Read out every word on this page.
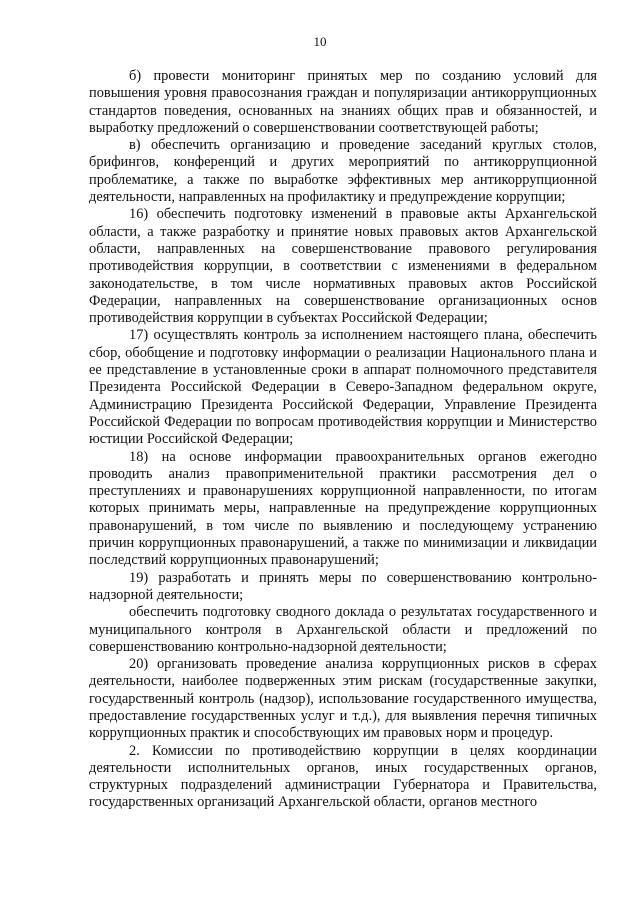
10

б) провести мониторинг принятых мер по созданию условий для повышения уровня правосознания граждан и популяризации антикоррупционных стандартов поведения, основанных на знаниях общих прав и обязанностей, и выработку предложений о совершенствовании соответствующей работы;

в) обеспечить организацию и проведение заседаний круглых столов, брифингов, конференций и других мероприятий по антикоррупционной проблематике, а также по выработке эффективных мер антикоррупционной деятельности, направленных на профилактику и предупреждение коррупции;

16) обеспечить подготовку изменений в правовые акты Архангельской области, а также разработку и принятие новых правовых актов Архангельской области, направленных на совершенствование правового регулирования противодействия коррупции, в соответствии с изменениями в федеральном законодательстве, в том числе нормативных правовых актов Российской Федерации, направленных на совершенствование организационных основ противодействия коррупции в субъектах Российской Федерации;

17) осуществлять контроль за исполнением настоящего плана, обеспечить сбор, обобщение и подготовку информации о реализации Национального плана и ее представление в установленные сроки в аппарат полномочного представителя Президента Российской Федерации в Северо-Западном федеральном округе, Администрацию Президента Российской Федерации, Управление Президента Российской Федерации по вопросам противодействия коррупции и Министерство юстиции Российской Федерации;

18) на основе информации правоохранительных органов ежегодно проводить анализ правоприменительной практики рассмотрения дел о преступлениях и правонарушениях коррупционной направленности, по итогам которых принимать меры, направленные на предупреждение коррупционных правонарушений, в том числе по выявлению и последующему устранению причин коррупционных правонарушений, а также по минимизации и ликвидации последствий коррупционных правонарушений;

19) разработать и принять меры по совершенствованию контрольно-надзорной деятельности;

обеспечить подготовку сводного доклада о результатах государственного и муниципального контроля в Архангельской области и предложений по совершенствованию контрольно-надзорной деятельности;

20) организовать проведение анализа коррупционных рисков в сферах деятельности, наиболее подверженных этим рискам (государственные закупки, государственный контроль (надзор), использование государственного имущества, предоставление государственных услуг и т.д.), для выявления перечня типичных коррупционных практик и способствующих им правовых норм и процедур.

2. Комиссии по противодействию коррупции в целях координации деятельности исполнительных органов, иных государственных органов, структурных подразделений администрации Губернатора и Правительства, государственных организаций Архангельской области, органов местного
